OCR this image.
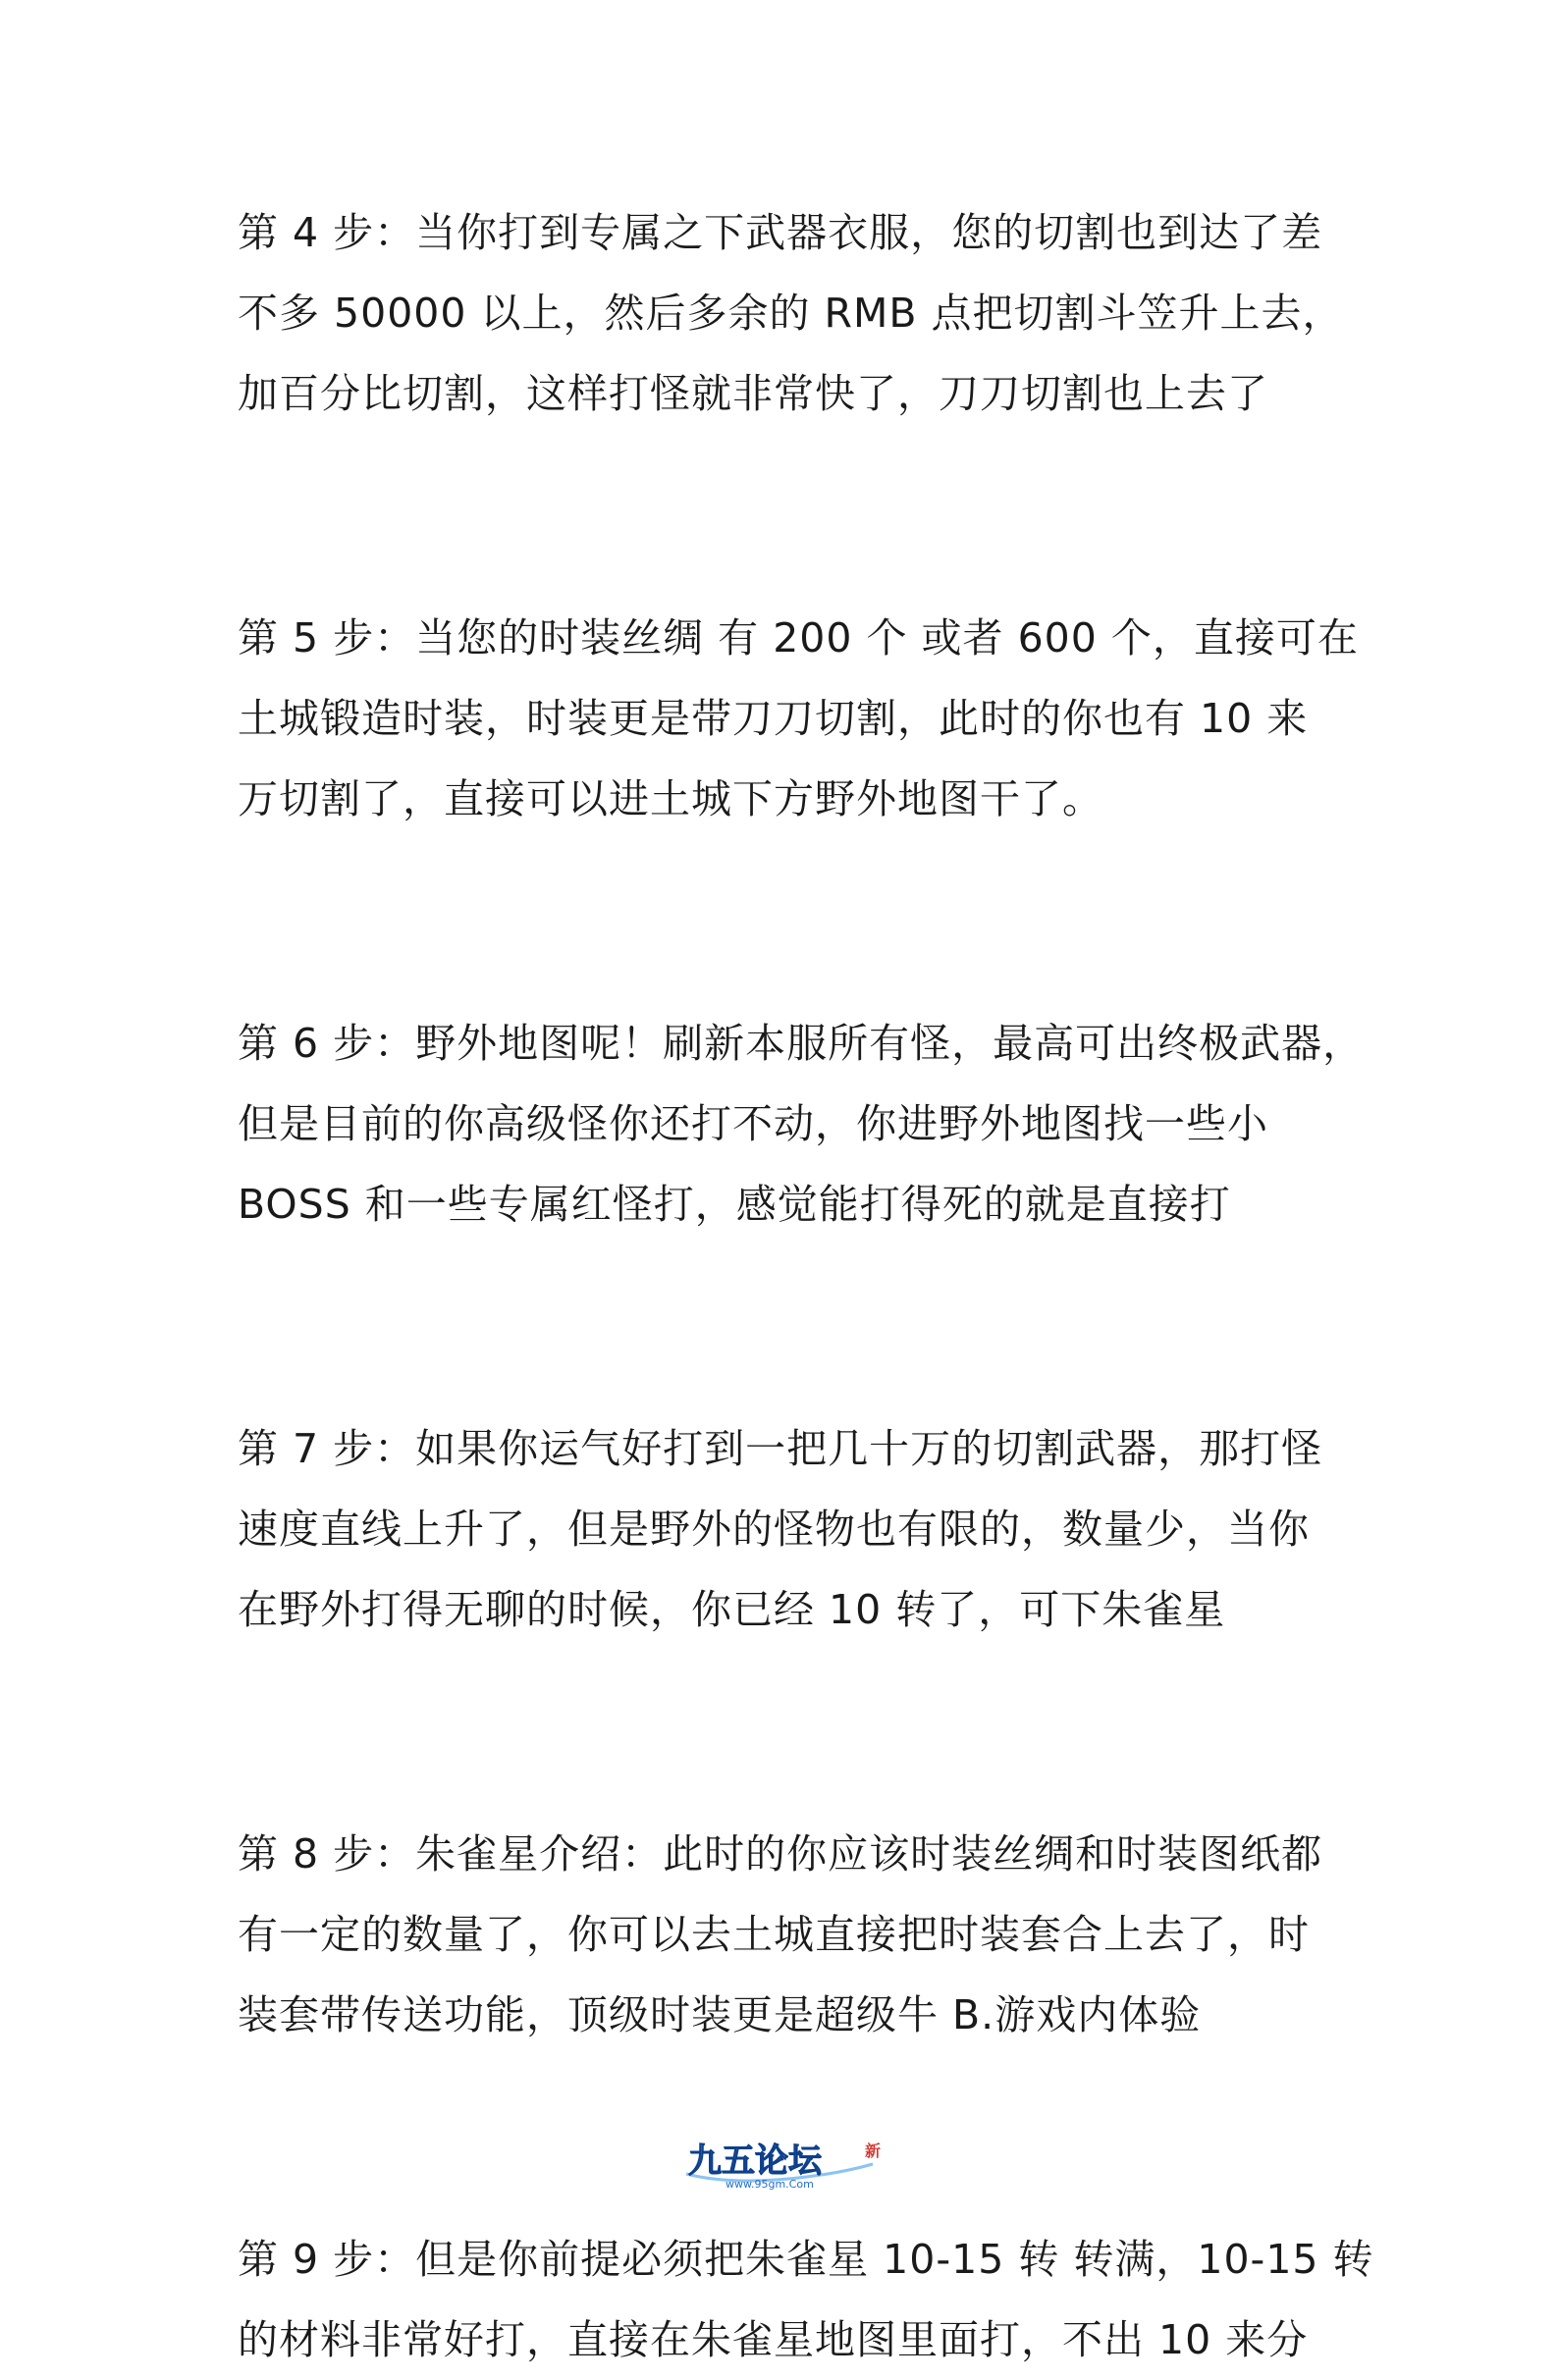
第 4 步：当你打到专属之下武器衣服，您的切割也到达了差
不多 50000 以上，然后多余的 RMB 点把切割斗笠升上去，
加百分比切割，这样打怪就非常快了，刀刀切割也上去了

第 5 步：当您的时装丝绸 有 200 个 或者 600 个，直接可在
土城锻造时装，时装更是带刀刀切割，此时的你也有 10 来
万切割了，直接可以进土城下方野外地图干了。

第 6 步：野外地图呢！刷新本服所有怪，最高可出终极武器，
但是目前的你高级怪你还打不动，你进野外地图找一些小
BOSS 和一些专属红怪打，感觉能打得死的就是直接打

第 7 步：如果你运气好打到一把几十万的切割武器，那打怪
速度直线上升了，但是野外的怪物也有限的，数量少，当你
在野外打得无聊的时候，你已经 10 转了，可下朱雀星

第 8 步：朱雀星介绍：此时的你应该时装丝绸和时装图纸都
有一定的数量了，你可以去土城直接把时装套合上去了，时
装套带传送功能，顶级时装更是超级牛 B.游戏内体验

第 9 步：但是你前提必须把朱雀星 10-15 转 转满，10-15 转
的材料非常好打，直接在朱雀星地图里面打，不出 10 来分

九五论坛
www.95gm.Com
新
